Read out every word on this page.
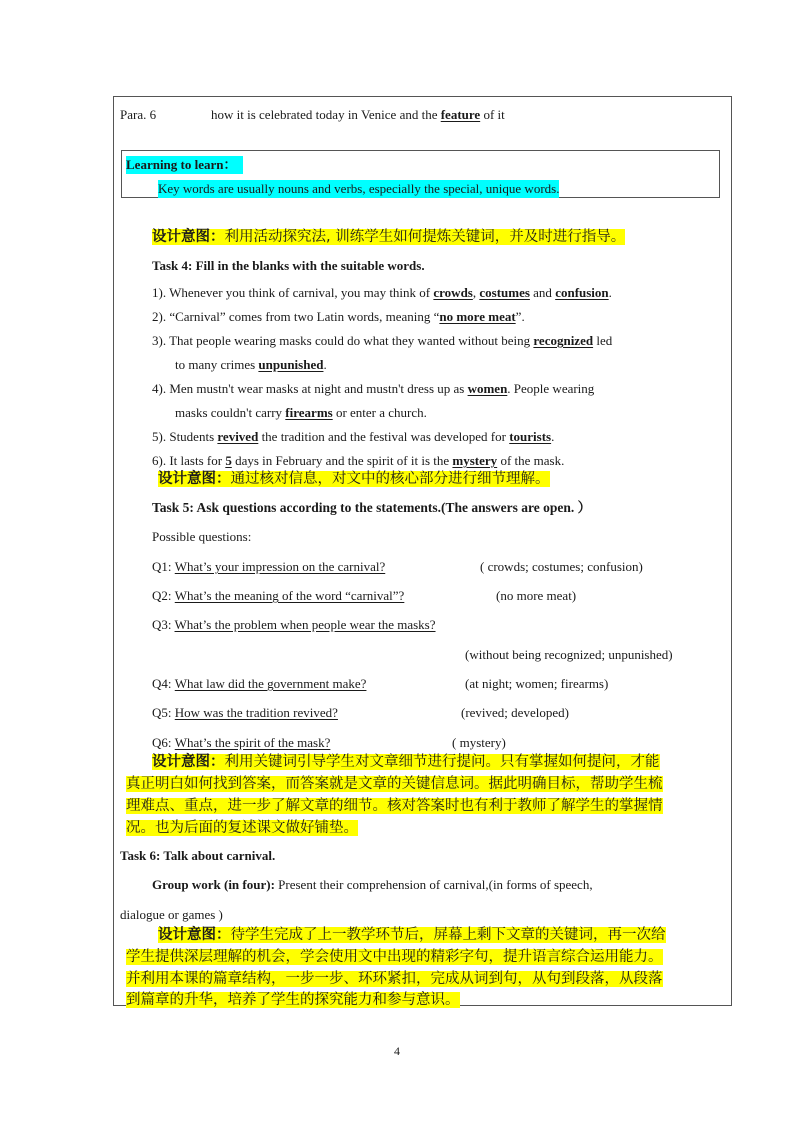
Para. 6	how it is celebrated today in Venice and the feature of it
Learning to learn：
Key words are usually nouns and verbs, especially the special, unique words.
设计意图：利用活动探究法, 训练学生如何提炼关键词，并及时进行指导。
Task 4: Fill in the blanks with the suitable words.
1). Whenever you think of carnival, you may think of crowds, costumes and confusion.
2). “Carnival” comes from two Latin words, meaning “no more meat”.
3). That people wearing masks could do what they wanted without being recognized led
to many crimes unpunished.
4). Men mustn't wear masks at night and mustn't dress up as women. People wearing
masks couldn't carry firearms or enter a church.
5). Students revived the tradition and the festival was developed for tourists.
6). It lasts for 5 days in February and the spirit of it is the mystery of the mask.
设计意图：通过核对信息，对文中的核心部分进行细节理解。
Task 5: Ask questions according to the statements.(The answers are open. ）
Possible questions:
Q1: What’s your impression on the carnival?	( crowds; costumes; confusion)
Q2: What’s the meaning of the word “carnival”?	(no more meat)
Q3: What’s the problem when people wear the masks?
(without being recognized; unpunished)
Q4: What law did the government make?	(at night; women; firearms)
Q5: How was the tradition revived?	(revived; developed)
Q6: What’s the spirit of the mask?	( mystery)
设计意图：利用关键词引导学生对文章细节进行提问。只有掌握如何提问，才能
真正明白如何找到答案，而答案就是文章的关键信息词。据此明确目标，帮助学生梳
理难点、重点，进一步了解文章的细节。核对答案时也有利于教师了解学生的掌握情
况。也为后面的复述课文做好铺垫。
Task 6: Talk about carnival.
Group work (in four): Present their comprehension of carnival,(in forms of speech,
dialogue or games )
设计意图：待学生完成了上一教学环节后，屏幕上剩下文章的关键词，再一次给
学生提供深层理解的机会，学会使用文中出现的精彩字句，提升语言综合运用能力。
并利用本课的篇章结构，一步一步、环环紧扣，完成从词到句，从句到段落，从段落
到篇章的升华，培养了学生的探究能力和参与意识。
4
